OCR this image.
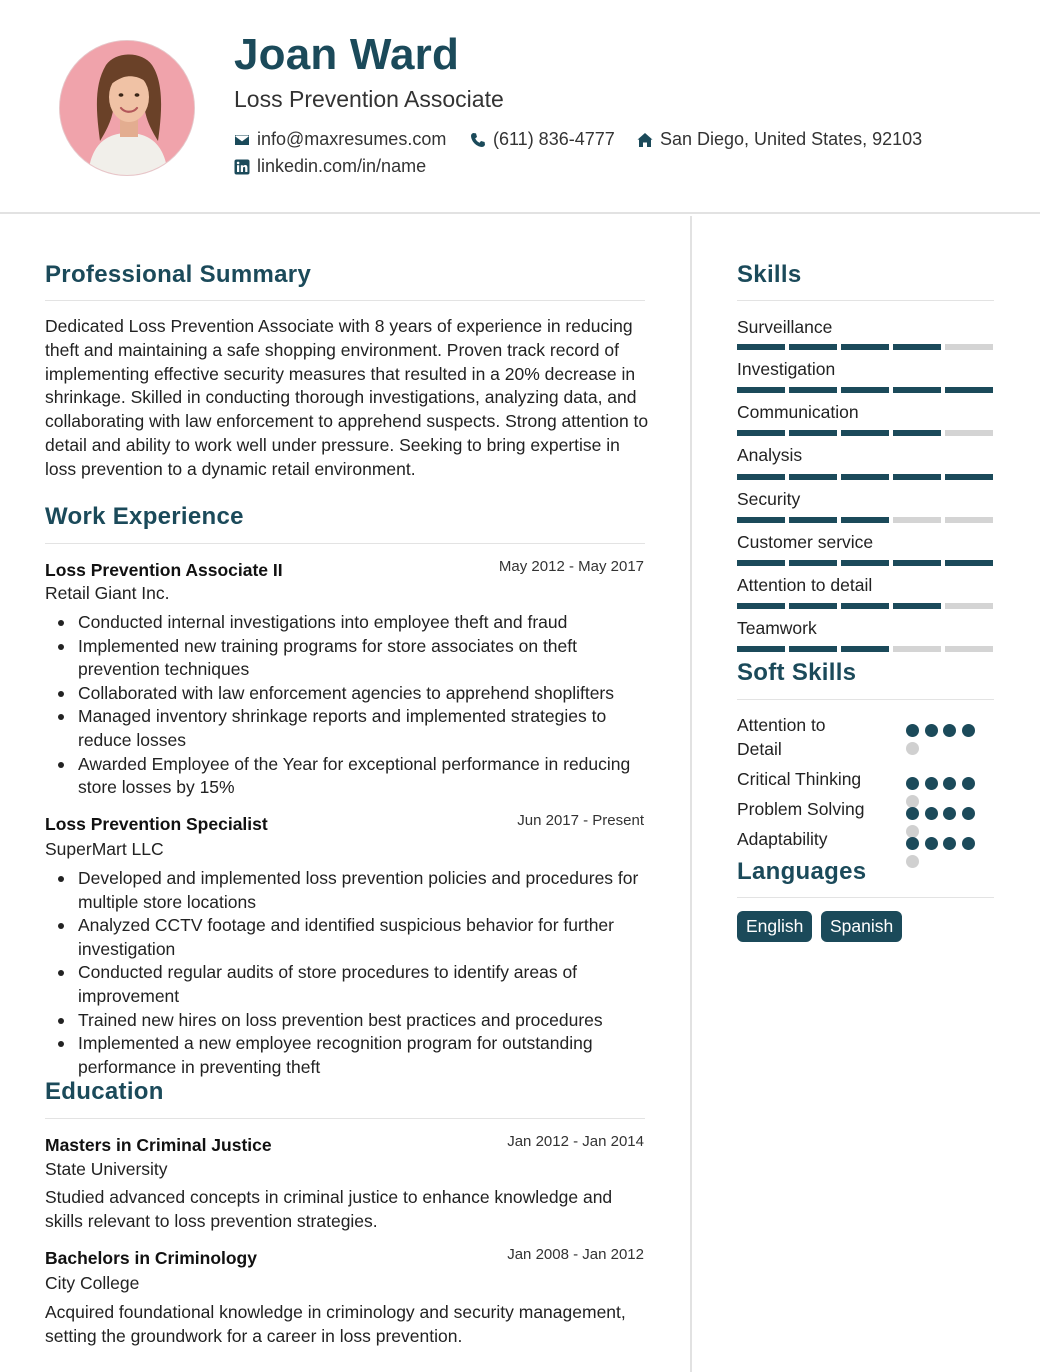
Joan Ward
Loss Prevention Associate
info@maxresumes.com	(611) 836-4777	San Diego, United States, 92103
linkedin.com/in/name
Professional Summary
Dedicated Loss Prevention Associate with 8 years of experience in reducing theft and maintaining a safe shopping environment. Proven track record of implementing effective security measures that resulted in a 20% decrease in shrinkage. Skilled in conducting thorough investigations, analyzing data, and collaborating with law enforcement to apprehend suspects. Strong attention to detail and ability to work well under pressure. Seeking to bring expertise in loss prevention to a dynamic retail environment.
Work Experience
Loss Prevention Associate II	May 2012 - May 2017
Retail Giant Inc.
Conducted internal investigations into employee theft and fraud
Implemented new training programs for store associates on theft prevention techniques
Collaborated with law enforcement agencies to apprehend shoplifters
Managed inventory shrinkage reports and implemented strategies to reduce losses
Awarded Employee of the Year for exceptional performance in reducing store losses by 15%
Loss Prevention Specialist	Jun 2017 - Present
SuperMart LLC
Developed and implemented loss prevention policies and procedures for multiple store locations
Analyzed CCTV footage and identified suspicious behavior for further investigation
Conducted regular audits of store procedures to identify areas of improvement
Trained new hires on loss prevention best practices and procedures
Implemented a new employee recognition program for outstanding performance in preventing theft
Education
Masters in Criminal Justice	Jan 2012 - Jan 2014
State University
Studied advanced concepts in criminal justice to enhance knowledge and skills relevant to loss prevention strategies.
Bachelors in Criminology	Jan 2008 - Jan 2012
City College
Acquired foundational knowledge in criminology and security management, setting the groundwork for a career in loss prevention.
Skills
Surveillance
Investigation
Communication
Analysis
Security
Customer service
Attention to detail
Teamwork
Soft Skills
Attention to Detail
Critical Thinking
Problem Solving
Adaptability
Languages
English	Spanish
